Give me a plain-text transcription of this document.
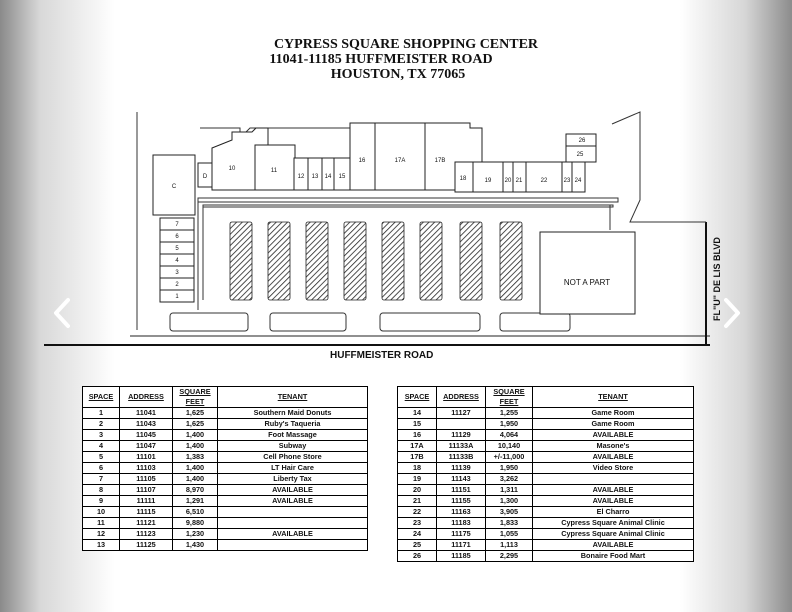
CYPRESS SQUARE SHOPPING CENTER
11041-11185 HUFFMEISTER ROAD
HOUSTON, TX 77065
C
D
10	11
12 13 14 15
16	17A	17B
18	19 20 21	22	23 24
25
26
7
6
5
4
3
2
1
NOT A PART
HUFFMEISTER ROAD
FL"U" DE LIS BLVD
SPACE	ADDRESS	SQUARE
FEET	TENANT
1	11041	1,625	Southern Maid Donuts
2	11043	1,625	Ruby's Taqueria
3	11045	1,400	Foot Massage
4	11047	1,400	Subway
5	11101	1,383	Cell Phone Store
6	11103	1,400	LT Hair Care
7	11105	1,400	Liberty Tax
8	11107	8,970	AVAILABLE
9	11111	1,291	AVAILABLE
10	11115	6,510	
11	11121	9,880	
12	11123	1,230	AVAILABLE
13	11125	1,430	
SPACE	ADDRESS	SQUARE
FEET	TENANT
14	11127	1,255	Game Room
15		1,950	Game Room
16	11129	4,064	AVAILABLE
17A	11133A	10,140	Masone's
17B	11133B	+/-11,000	AVAILABLE
18	11139	1,950	Video Store
19	11143	3,262	
20	11151	1,311	AVAILABLE
21	11155	1,300	AVAILABLE
22	11163	3,905	El Charro
23	11183	1,833	Cypress Square Animal Clinic
24	11175	1,055	Cypress Square Animal Clinic
25	11171	1,113	AVAILABLE
26	11185	2,295	Bonaire Food Mart
